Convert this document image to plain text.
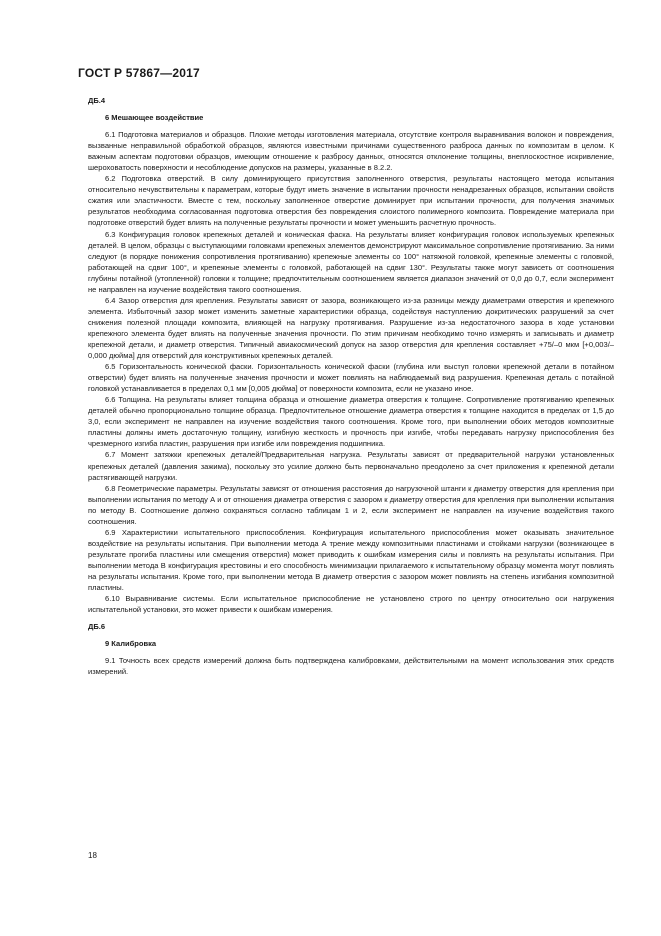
ГОСТ Р 57867—2017

ДБ.4

6 Мешающее воздействие

6.1 Подготовка материалов и образцов. Плохие методы изготовления материала, отсутствие контроля выравнивания волокон и повреждения, вызванные неправильной обработкой образцов, являются известными причинами существенного разброса данных по композитам в целом. К важным аспектам подготовки образцов, имеющим отношение к разбросу данных, относятся отклонение толщины, внеплоскостное искривление, шероховатость поверхности и несоблюдение допусков на размеры, указанные в 8.2.2.

6.2 Подготовка отверстий. В силу доминирующего присутствия заполненного отверстия, результаты настоящего метода испытания относительно нечувствительны к параметрам, которые будут иметь значение в испытании прочности ненадрезанных образцов, испытании свойств сжатия или эластичности. Вместе с тем, поскольку заполненное отверстие доминирует при испытании прочности, для получения значимых результатов необходима согласованная подготовка отверстия без повреждения слоистого полимерного композита. Повреждение материала при подготовке отверстий будет влиять на полученные результаты прочности и может уменьшить расчетную прочность.

6.3 Конфигурация головок крепежных деталей и коническая фаска. На результаты влияет конфигурация головок используемых крепежных деталей. В целом, образцы с выступающими головками крепежных элементов демонстрируют максимальное сопротивление протягиванию. За ними следуют (в порядке понижения сопротивления протягиванию) крепежные элементы со 100° натяжной головкой, крепежные элементы с головкой, работающей на сдвиг 100°, и крепежные элементы с головкой, работающей на сдвиг 130°. Результаты также могут зависеть от соотношения глубины потайной (утопленной) головки к толщине; предпочтительным соотношением является диапазон значений от 0,0 до 0,7, если эксперимент не направлен на изучение воздействия такого соотношения.

6.4 Зазор отверстия для крепления. Результаты зависят от зазора, возникающего из-за разницы между диаметрами отверстия и крепежного элемента. Избыточный зазор может изменить заметные характеристики образца, содействуя наступлению докритических разрушений за счет снижения полезной площади композита, влияющей на нагрузку протягивания. Разрушение из-за недостаточного зазора в ходе установки крепежного элемента будет влиять на полученные значения прочности. По этим причинам необходимо точно измерять и записывать и диаметр крепежной детали, и диаметр отверстия. Типичный авиакосмический допуск на зазор отверстия для крепления составляет +75/–0 мкм [+0,003/–0,000 дюйма] для отверстий для конструктивных крепежных деталей.

6.5 Горизонтальность конической фаски. Горизонтальность конической фаски (глубина или выступ головки крепежной детали в потайном отверстии) будет влиять на полученные значения прочности и может повлиять на наблюдаемый вид разрушения. Крепежная деталь с потайной головкой устанавливается в пределах 0,1 мм [0,005 дюйма] от поверхности композита, если не указано иное.

6.6 Толщина. На результаты влияет толщина образца и отношение диаметра отверстия к толщине. Сопротивление протягиванию крепежных деталей обычно пропорционально толщине образца. Предпочтительное отношение диаметра отверстия к толщине находится в пределах от 1,5 до 3,0, если эксперимент не направлен на изучение воздействия такого соотношения. Кроме того, при выполнении обоих методов композитные пластины должны иметь достаточную толщину, изгибную жесткость и прочность при изгибе, чтобы передавать нагрузку приспособления без чрезмерного изгиба пластин, разрушения при изгибе или повреждения подшипника.

6.7 Момент затяжки крепежных деталей/Предварительная нагрузка. Результаты зависят от предварительной нагрузки установленных крепежных деталей (давления зажима), поскольку это усилие должно быть первоначально преодолено за счет приложения к крепежной детали растягивающей нагрузки.

6.8 Геометрические параметры. Результаты зависят от отношения расстояния до нагрузочной штанги к диаметру отверстия для крепления при выполнении испытания по методу А и от отношения диаметра отверстия с зазором к диаметру отверстия для крепления при выполнении испытания по методу В. Соотношение должно сохраняться согласно таблицам 1 и 2, если эксперимент не направлен на изучение воздействия такого соотношения.

6.9 Характеристики испытательного приспособления. Конфигурация испытательного приспособления может оказывать значительное воздействие на результаты испытания. При выполнении метода А трение между композитными пластинами и стойками нагрузки (возникающее в результате прогиба пластины или смещения отверстия) может приводить к ошибкам измерения силы и повлиять на результаты испытания. При выполнении метода В конфигурация крестовины и его способность минимизации прилагаемого к испытательному образцу момента могут повлиять на результаты испытания. Кроме того, при выполнении метода В диаметр отверстия с зазором может повлиять на степень изгибания композитной пластины.

6.10 Выравнивание системы. Если испытательное приспособление не установлено строго по центру относительно оси нагружения испытательной установки, это может привести к ошибкам измерения.

ДБ.6

9 Калибровка

9.1 Точность всех средств измерений должна быть подтверждена калибровками, действительными на момент использования этих средств измерений.

18
